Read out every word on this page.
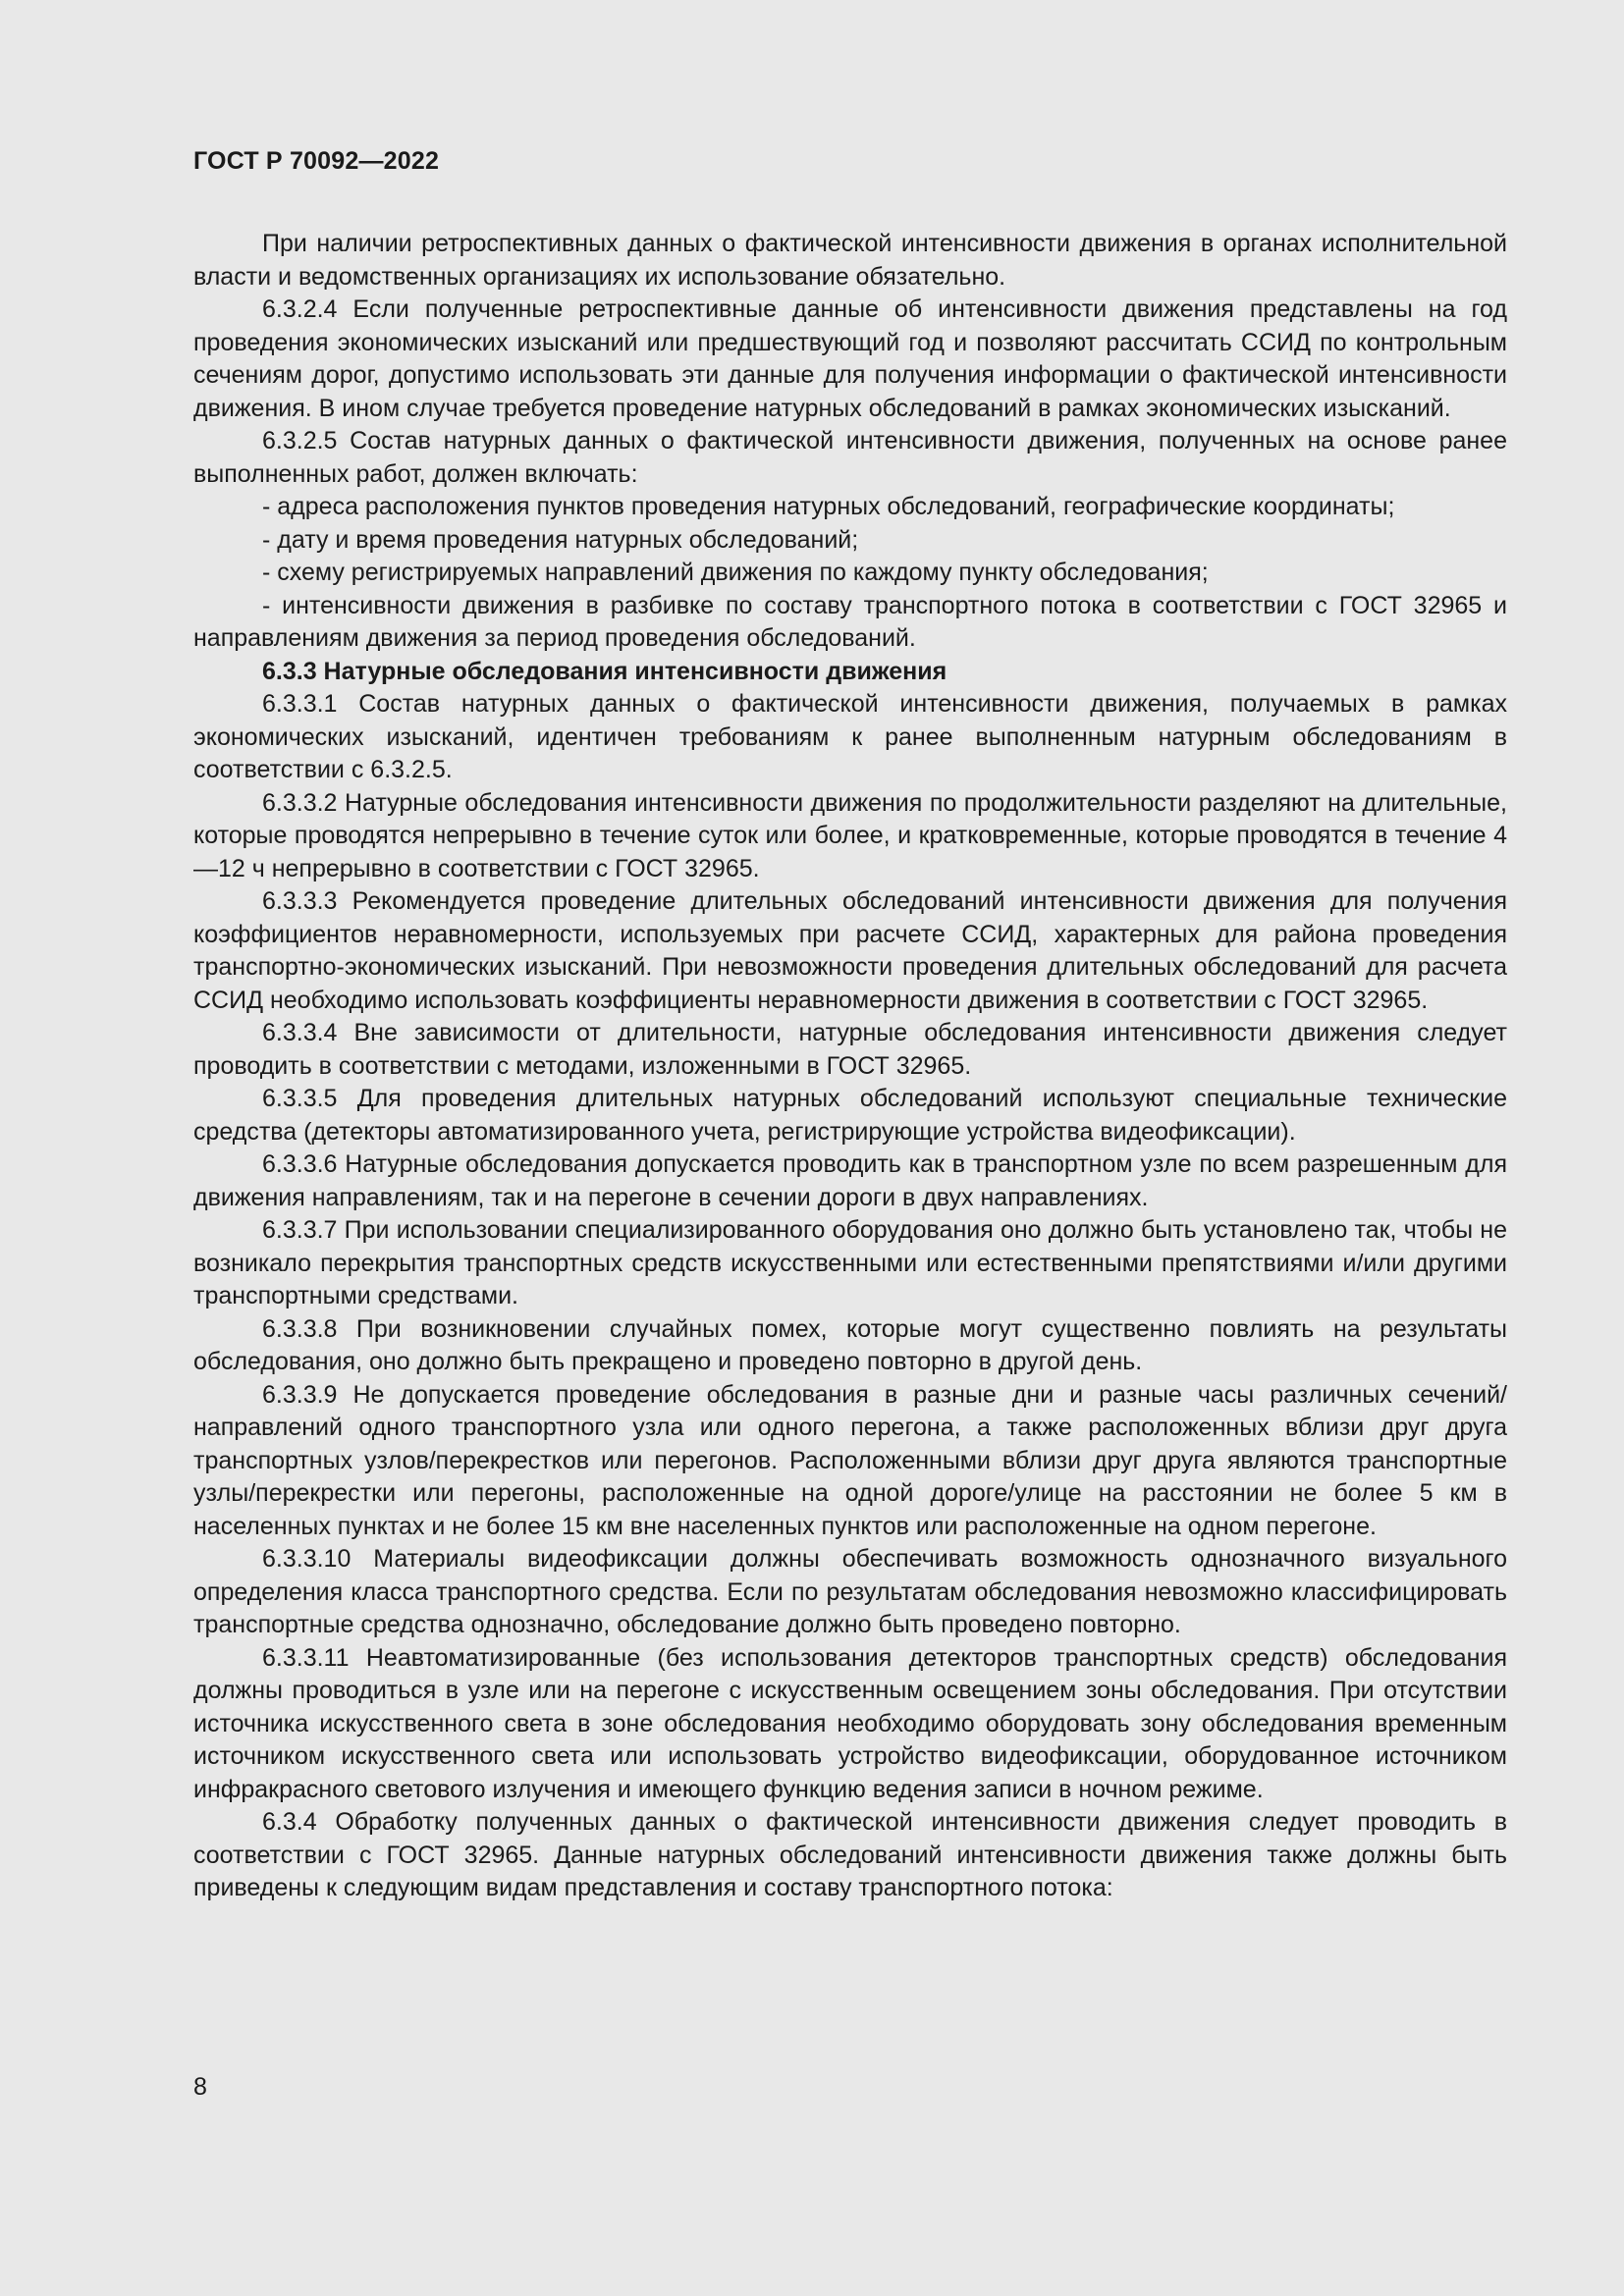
ГОСТ Р 70092—2022

При наличии ретроспективных данных о фактической интенсивности движения в органах исполнительной власти и ведомственных организациях их использование обязательно.

6.3.2.4 Если полученные ретроспективные данные об интенсивности движения представлены на год проведения экономических изысканий или предшествующий год и позволяют рассчитать ССИД по контрольным сечениям дорог, допустимо использовать эти данные для получения информации о фактической интенсивности движения. В ином случае требуется проведение натурных обследований в рамках экономических изысканий.

6.3.2.5 Состав натурных данных о фактической интенсивности движения, полученных на основе ранее выполненных работ, должен включать:

- адреса расположения пунктов проведения натурных обследований, географические координаты;

- дату и время проведения натурных обследований;

- схему регистрируемых направлений движения по каждому пункту обследования;

- интенсивности движения в разбивке по составу транспортного потока в соответствии с ГОСТ 32965 и направлениям движения за период проведения обследований.

6.3.3 Натурные обследования интенсивности движения

6.3.3.1 Состав натурных данных о фактической интенсивности движения, получаемых в рамках экономических изысканий, идентичен требованиям к ранее выполненным натурным обследованиям в соответствии с 6.3.2.5.

6.3.3.2 Натурные обследования интенсивности движения по продолжительности разделяют на длительные, которые проводятся непрерывно в течение суток или более, и кратковременные, которые проводятся в течение 4—12 ч непрерывно в соответствии с ГОСТ 32965.

6.3.3.3 Рекомендуется проведение длительных обследований интенсивности движения для получения коэффициентов неравномерности, используемых при расчете ССИД, характерных для района проведения транспортно-экономических изысканий. При невозможности проведения длительных обследований для расчета ССИД необходимо использовать коэффициенты неравномерности движения в соответствии с ГОСТ 32965.

6.3.3.4 Вне зависимости от длительности, натурные обследования интенсивности движения следует проводить в соответствии с методами, изложенными в ГОСТ 32965.

6.3.3.5 Для проведения длительных натурных обследований используют специальные технические средства (детекторы автоматизированного учета, регистрирующие устройства видеофиксации).

6.3.3.6 Натурные обследования допускается проводить как в транспортном узле по всем разрешенным для движения направлениям, так и на перегоне в сечении дороги в двух направлениях.

6.3.3.7 При использовании специализированного оборудования оно должно быть установлено так, чтобы не возникало перекрытия транспортных средств искусственными или естественными препятствиями и/или другими транспортными средствами.

6.3.3.8 При возникновении случайных помех, которые могут существенно повлиять на результаты обследования, оно должно быть прекращено и проведено повторно в другой день.

6.3.3.9 Не допускается проведение обследования в разные дни и разные часы различных сечений/направлений одного транспортного узла или одного перегона, а также расположенных вблизи друг друга транспортных узлов/перекрестков или перегонов. Расположенными вблизи друг друга являются транспортные узлы/перекрестки или перегоны, расположенные на одной дороге/улице на расстоянии не более 5 км в населенных пунктах и не более 15 км вне населенных пунктов или расположенные на одном перегоне.

6.3.3.10 Материалы видеофиксации должны обеспечивать возможность однозначного визуального определения класса транспортного средства. Если по результатам обследования невозможно классифицировать транспортные средства однозначно, обследование должно быть проведено повторно.

6.3.3.11 Неавтоматизированные (без использования детекторов транспортных средств) обследования должны проводиться в узле или на перегоне с искусственным освещением зоны обследования. При отсутствии источника искусственного света в зоне обследования необходимо оборудовать зону обследования временным источником искусственного света или использовать устройство видеофиксации, оборудованное источником инфракрасного светового излучения и имеющего функцию ведения записи в ночном режиме.

6.3.4 Обработку полученных данных о фактической интенсивности движения следует проводить в соответствии с ГОСТ 32965. Данные натурных обследований интенсивности движения также должны быть приведены к следующим видам представления и составу транспортного потока:

8
